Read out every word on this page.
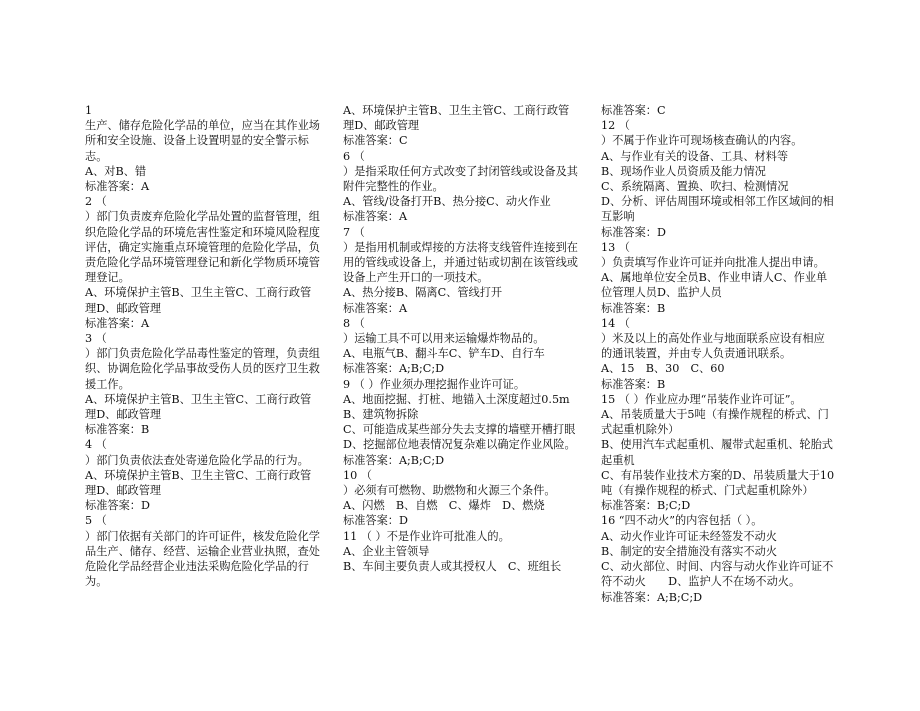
1

生产、储存危险化学品的单位，应当在其作业场所和安全设施、设备上设置明显的安全警示标志。

A、对B、错

标准答案：A

2 （

）部门负责废弃危险化学品处置的监督管理，组织危险化学品的环境危害性鉴定和环境风险程度评估，确定实施重点环境管理的危险化学品，负责危险化学品环境管理登记和新化学物质环境管理登记。

A、环境保护主管B、卫生主管C、工商行政管理D、邮政管理

标准答案：A

3 （

）部门负责危险化学品毒性鉴定的管理，负责组织、协调危险化学品事故受伤人员的医疗卫生救援工作。

A、环境保护主管B、卫生主管C、工商行政管理D、邮政管理

标准答案：B

4 （

）部门负责依法查处寄递危险化学品的行为。

A、环境保护主管B、卫生主管C、工商行政管理D、邮政管理

标准答案：D

5 （

）部门依据有关部门的许可证件，核发危险化学品生产、储存、经营、运输企业营业执照，查处危险化学品经营企业违法采购危险化学品的行为。

A、环境保护主管B、卫生主管C、工商行政管理D、邮政管理

标准答案：C

6 （

）是指采取任何方式改变了封闭管线或设备及其附件完整性的作业。

A、管线/设备打开B、热分接C、动火作业

标准答案：A

7 （

）是指用机制或焊接的方法将支线管件连接到在用的管线或设备上，并通过钻或切割在该管线或设备上产生开口的一项技术。

A、热分接B、隔离C、管线打开

标准答案：A

8 （

）运输工具不可以用来运输爆炸物品的。

A、电瓶气B、翻斗车C、铲车D、自行车

标准答案：A;B;C;D

9 （ ）作业须办理挖掘作业许可证。

A、地面挖掘、打桩、地锚入土深度超过0.5m

B、建筑物拆除

C、可能造成某些部分失去支撑的墙壁开槽打眼

D、挖掘部位地表情况复杂难以确定作业风险。

标准答案：A;B;C;D

10 （

）必须有可燃物、助燃物和火源三个条件。

A、闪燃　B、自燃　C、爆炸　D、燃烧

标准答案：D

11 （ ）不是作业许可批准人的。

A、企业主管领导

B、车间主要负责人或其授权人　C、班组长

标准答案：C

12 （

）不属于作业许可现场核查确认的内容。

A、与作业有关的设备、工具、材料等

B、现场作业人员资质及能力情况

C、系统隔离、置换、吹扫、检测情况

D、分析、评估周围环境或相邻工作区域间的相互影响

标准答案：D

13 （

）负责填写作业许可证并向批准人提出申请。

A、属地单位安全员B、作业申请人C、作业单位管理人员D、监护人员

标准答案：B

14 （

）米及以上的高处作业与地面联系应设有相应的通讯装置，并由专人负责通讯联系。

A、15　B、30　C、60

标准答案：B

15 （ ）作业应办理“吊装作业许可证”。

A、吊装质量大于5吨（有操作规程的桥式、门式起重机除外）

B、使用汽车式起重机、履带式起重机、轮胎式起重机

C、有吊装作业技术方案的D、吊装质量大于10吨（有操作规程的桥式、门式起重机除外）

标准答案：B;C;D

16 “四不动火”的内容包括（ ）。

A、动火作业许可证未经签发不动火

B、制定的安全措施没有落实不动火

C、动火部位、时间、内容与动火作业许可证不符不动火　　D、监护人不在场不动火。

标准答案：A;B;C;D
